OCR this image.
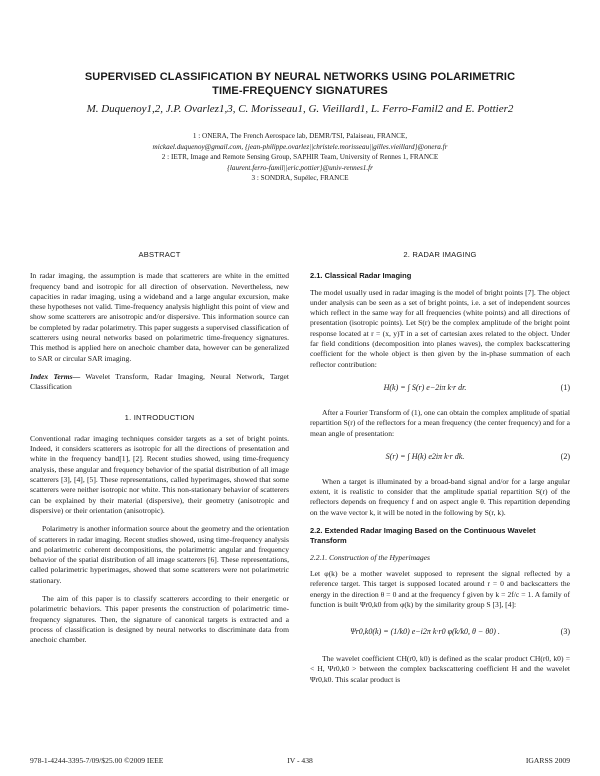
SUPERVISED CLASSIFICATION BY NEURAL NETWORKS USING POLARIMETRIC
TIME-FREQUENCY SIGNATURES
M. Duquenoy1,2, J.P. Ovarlez1,3, C. Morisseau1, G. Vieillard1, L. Ferro-Famil2 and E. Pottier2
1 : ONERA, The French Aerospace lab, DEMR/TSI, Palaiseau, FRANCE,
mickael.duquenoy@gmail.com, {jean-philippe.ovarlez||christele.morisseau||gilles.vieillard}@onera.fr
2 : IETR, Image and Remote Sensing Group, SAPHIR Team, University of Rennes 1, FRANCE
{laurent.ferro-famil||eric.pottier}@univ-rennes1.fr
3 : SONDRA, Supélec, FRANCE
ABSTRACT

In radar imaging, the assumption is made that scatterers are white in the emitted frequency band and isotropic for all direction of observation. Nevertheless, new capacities in radar imaging, using a wideband and a large angular excursion, make these hypotheses not valid. Time-frequency analysis highlight this point of view and show some scatterers are anisotropic and/or dispersive. This information source can be completed by radar polarimetry. This paper suggests a supervised classification of scatterers using neural networks based on polarimetric time-frequency signatures. This method is applied here on anechoic chamber data, however can be generalized to SAR or circular SAR imaging.

Index Terms— Wavelet Transform, Radar Imaging, Neural Network, Target Classification
1. INTRODUCTION

Conventional radar imaging techniques consider targets as a set of bright points. Indeed, it considers scatterers as isotropic for all the directions of presentation and white in the frequency band[1], [2]. Recent studies showed, using time-frequency analysis, these angular and frequency behavior of the spatial distribution of all image scatterers [3], [4], [5]. These representations, called hyperimages, showed that some scatterers were neither isotropic nor white. This non-stationary behavior of scatterers can be explained by their material (dispersive), their geometry (anisotropic and dispersive) or their orientation (anisotropic).

Polarimetry is another information source about the geometry and the orientation of scatterers in radar imaging. Recent studies showed, using time-frequency analysis and polarimetric coherent decompositions, the polarimetric angular and frequency behavior of the spatial distribution of all image scatterers [6]. These representations, called polarimetric hyperimages, showed that some scatterers were not polarimetric stationary.

The aim of this paper is to classify scatterers according to their energetic or polarimetric behaviors. This paper presents the construction of polarimetric time-frequency signatures. Then, the signature of canonical targets is extracted and a process of classification is designed by neural networks to discriminate data from anechoic chamber.

2. RADAR IMAGING
2.1. Classical Radar Imaging

The model usually used in radar imaging is the model of bright points [7]. The object under analysis can be seen as a set of bright points, i.e. a set of independent sources which reflect in the same way for all frequencies (white points) and all directions of presentation (isotropic points). Let S(r) be the complex amplitude of the bright point response located at r = (x, y)T in a set of cartesian axes related to the object. Under far field conditions (decomposition into planes waves), the complex backscattering coefficient for the whole object is then given by the in-phase summation of each reflector contribution:

H(k) = ∫ S(r) e−2iπ k·r dr.	(1)

After a Fourier Transform of (1), one can obtain the complex amplitude of spatial repartition S(r) of the reflectors for a mean frequency (the center frequency) and for a mean angle of presentation:

S(r) = ∫ H(k) e2iπ k·r dk.	(2)

When a target is illuminated by a broad-band signal and/or for a large angular extent, it is realistic to consider that the amplitude spatial repartition S(r) of the reflectors depends on frequency f and on aspect angle θ. This repartition depending on the wave vector k, it will be noted in the following by S(r, k).

2.2. Extended Radar Imaging Based on the Continuous Wavelet Transform
2.2.1. Construction of the Hyperimages

Let φ(k) be a mother wavelet supposed to represent the signal reflected by a reference target. This target is supposed located around r = 0 and backscatters the energy in the direction θ = 0 and at the frequency f given by k = 2f/c = 1. A family of function is built Ψr0,k0 from φ(k) by the similarity group S [3], [4]:

Ψr0,k0(k) = (1/k0) e−i2π k·r0 φ(k/k0, θ − θ0) .	(3)

The wavelet coefficient CH(r0, k0) is defined as the scalar product CH(r0, k0) =< H, Ψr0,k0 > between the complex backscattering coefficient H and the wavelet Ψr0,k0. This scalar product is

978-1-4244-3395-7/09/$25.00 ©2009 IEEE	IV - 438	IGARSS 2009
